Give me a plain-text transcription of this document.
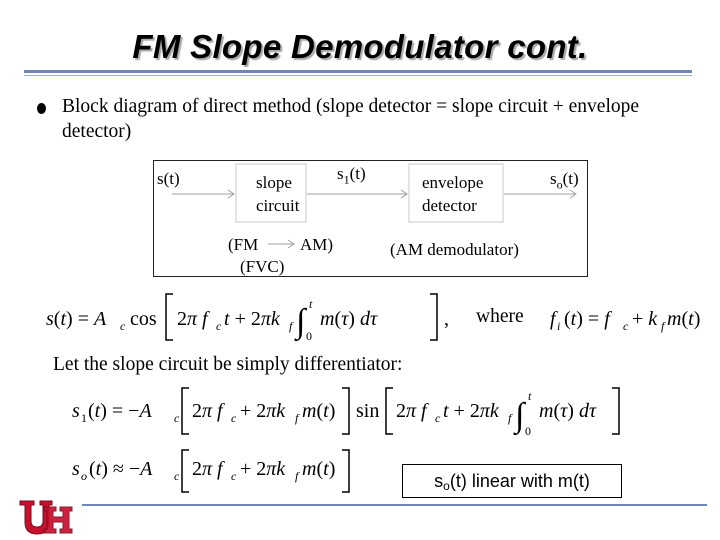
FM Slope Demodulator cont.
Block diagram of direct method (slope detector = slope circuit + envelope detector)
s(t)	slope
circuit
$s_1(t)$	envelope
detector
$s_o(t)$
(FM AM)
(FVC)
(AM demodulator)
s(t) = A c cos 2π f c t + 2πk f ∫ t
0
m(τ) dτ	, where f i (t) = f c + k f m(t)
Let the slope circuit be simply differentiator:
s 1 (t) = −A c 2π f c + 2πk f m(t) sin 2π f c t + 2πk f ∫
t
0
m(τ) dτ
s o (t) ≈ −A c 2π f c + 2πk f m(t)
$s_o(t)$ linear with m(t)
